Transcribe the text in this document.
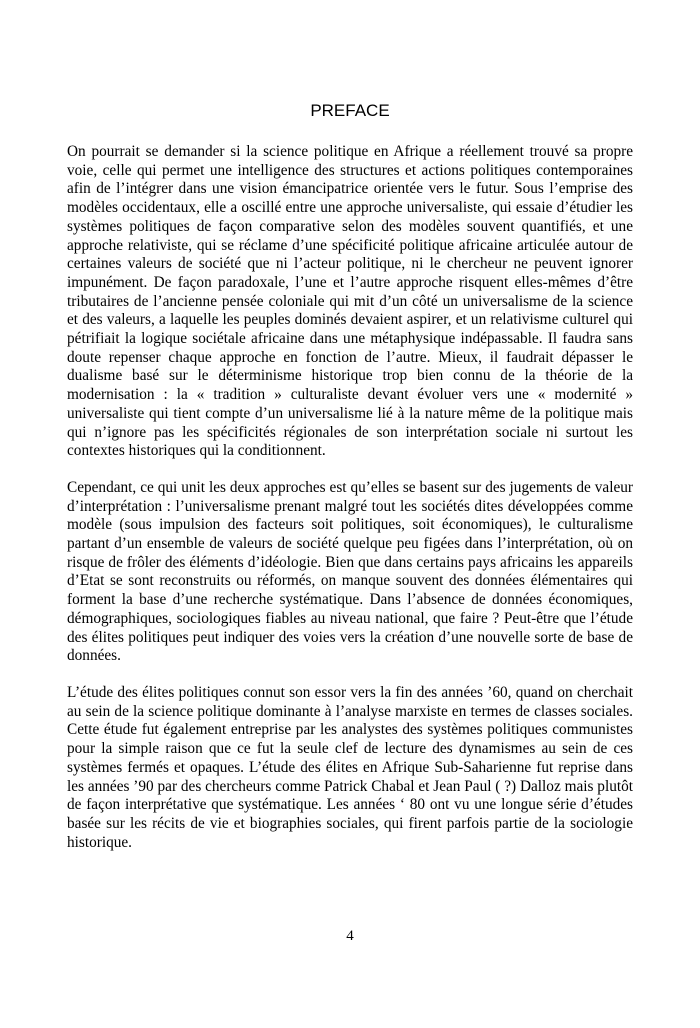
PREFACE

On pourrait se demander si la science politique en Afrique a réellement trouvé sa propre voie, celle qui permet une intelligence des structures et actions politiques contemporaines afin de l’intégrer dans une vision émancipatrice orientée vers le futur. Sous l’emprise des modèles occidentaux, elle a oscillé entre une approche universaliste, qui essaie d’étudier les systèmes politiques de façon comparative selon des modèles souvent quantifiés, et une approche relativiste, qui se réclame d’une spécificité politique africaine articulée autour de certaines valeurs de société que ni l’acteur politique, ni le chercheur ne peuvent ignorer impunément. De façon paradoxale, l’une et l’autre approche risquent elles-mêmes d’être tributaires de l’ancienne pensée coloniale qui mit d’un côté un universalisme de la science et des valeurs, a laquelle les peuples dominés devaient aspirer, et un relativisme culturel qui pétrifiait la logique sociétale africaine dans une métaphysique indépassable. Il faudra sans doute repenser chaque approche en fonction de l’autre. Mieux, il faudrait dépasser le dualisme basé sur le déterminisme historique trop bien connu de la théorie de la modernisation : la « tradition » culturaliste devant évoluer vers une « modernité » universaliste qui tient compte d’un universalisme lié à la nature même de la politique mais qui n’ignore pas les spécificités régionales de son interprétation sociale ni surtout les contextes historiques qui la conditionnent.

Cependant, ce qui unit les deux approches est qu’elles se basent sur des jugements de valeur d’interprétation : l’universalisme prenant malgré tout les sociétés dites développées comme modèle (sous impulsion des facteurs soit politiques, soit économiques), le culturalisme partant d’un ensemble de valeurs de société quelque peu figées dans l’interprétation, où on risque de frôler des éléments d’idéologie. Bien que dans certains pays africains les appareils d’Etat se sont reconstruits ou réformés, on manque souvent des données élémentaires qui forment la base d’une recherche systématique. Dans l’absence de données économiques, démographiques, sociologiques fiables au niveau national, que faire ? Peut-être que l’étude des élites politiques peut indiquer des voies vers la création d’une nouvelle sorte de base de données.

L’étude des élites politiques connut son essor vers la fin des années ’60, quand on cherchait au sein de la science politique dominante à l’analyse marxiste en termes de classes sociales. Cette étude fut également entreprise par les analystes des systèmes politiques communistes pour la simple raison que ce fut la seule clef de lecture des dynamismes au sein de ces systèmes fermés et opaques. L’étude des élites en Afrique Sub-Saharienne fut reprise dans les années ’90 par des chercheurs comme Patrick Chabal et Jean Paul ( ?) Dalloz mais plutôt de façon interprétative que systématique. Les années ‘ 80 ont vu une longue série d’études basée sur les récits de vie et biographies sociales, qui firent parfois partie de la sociologie historique.

4
